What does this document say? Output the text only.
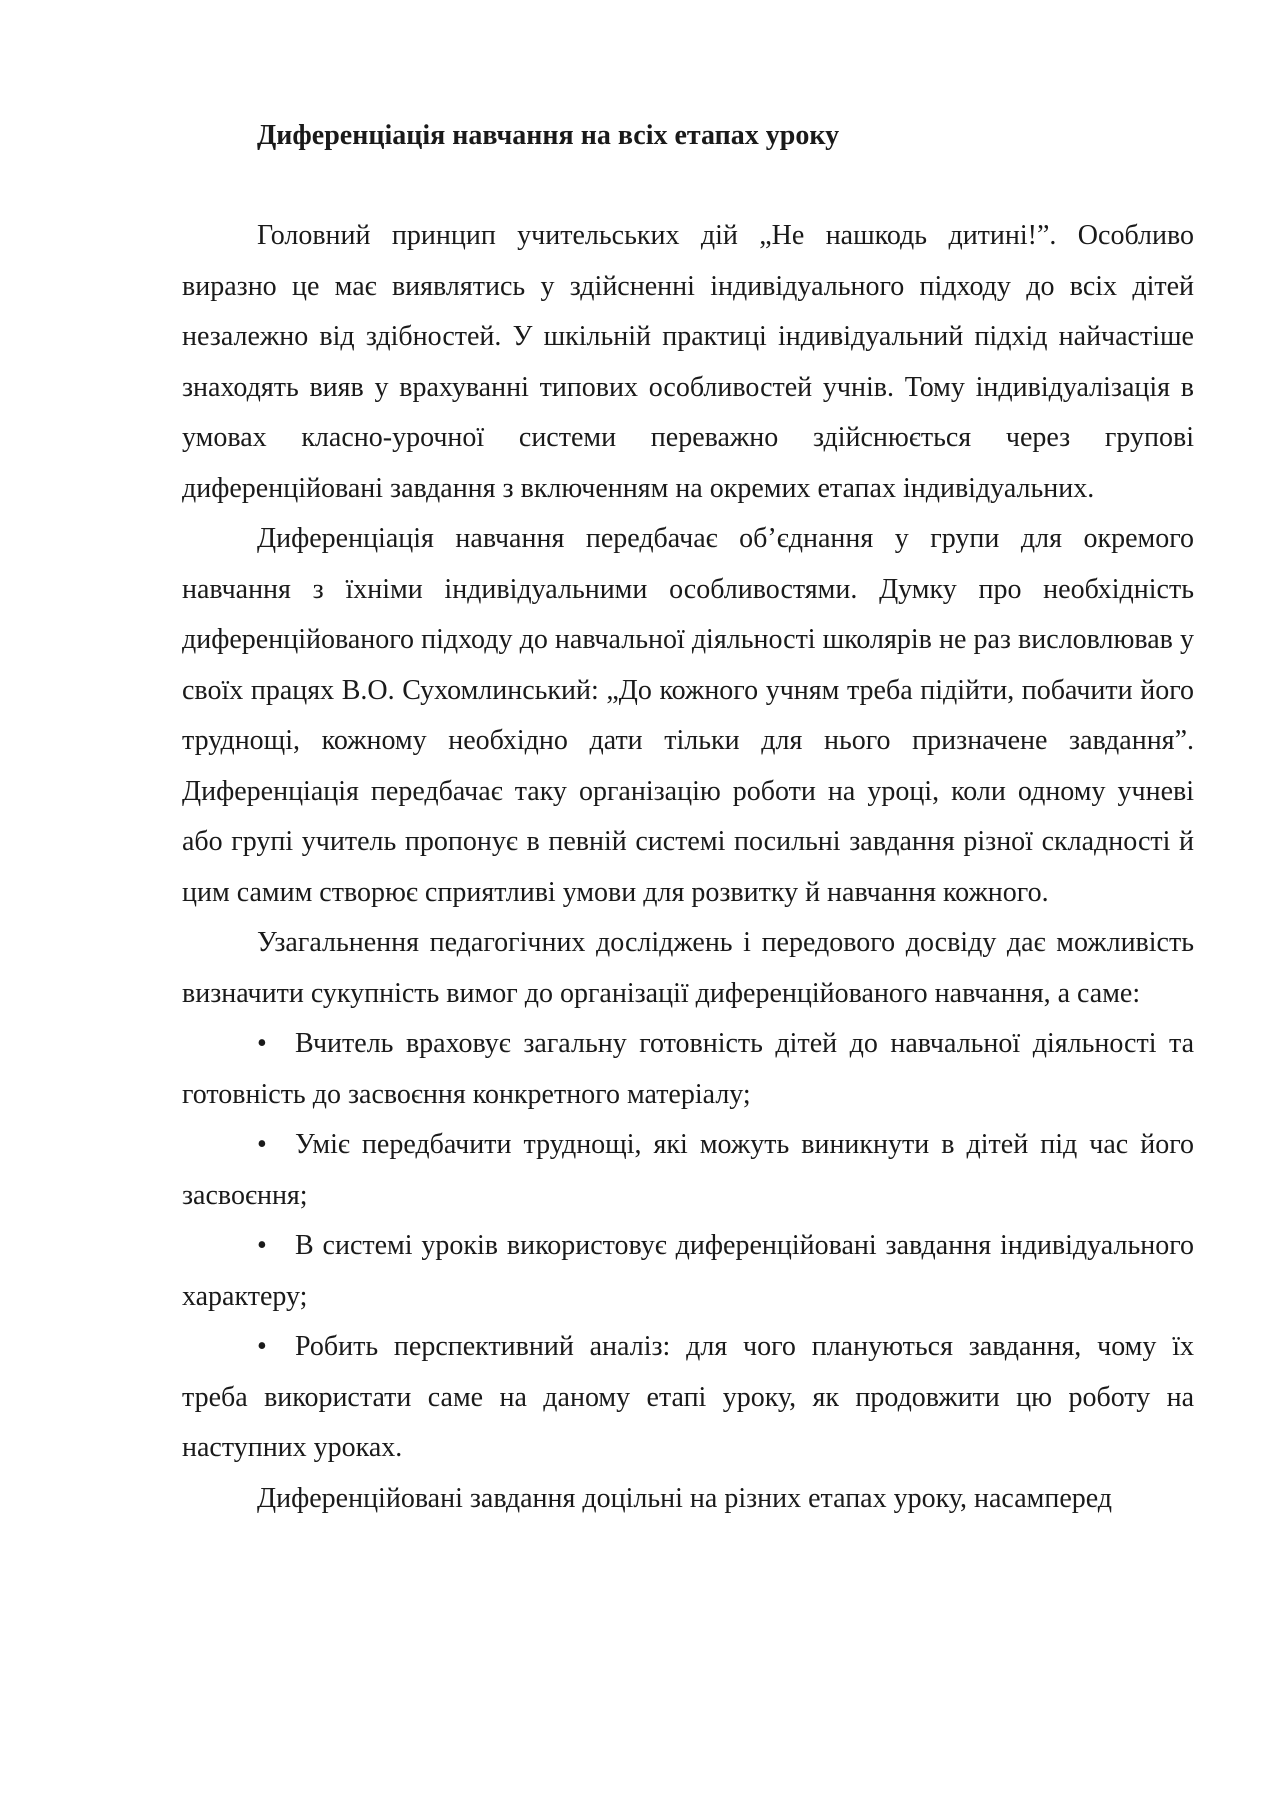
Диференціація навчання на всіх етапах уроку

Головний принцип учительських дій „Не нашкодь дитині!”. Особливо виразно це має виявлятись у здійсненні індивідуального підходу до всіх дітей незалежно від здібностей. У шкільній практиці індивідуальний підхід найчастіше знаходять вияв у врахуванні типових особливостей учнів. Тому індивідуалізація в умовах класно-урочної системи переважно здійснюється через групові диференційовані завдання з включенням на окремих етапах індивідуальних.

Диференціація навчання передбачає об’єднання у групи для окремого навчання з їхніми індивідуальними особливостями. Думку про необхідність диференційованого підходу до навчальної діяльності школярів не раз висловлював у своїх працях В.О. Сухомлинський: „До кожного учням треба підійти, побачити його труднощі, кожному необхідно дати тільки для нього призначене завдання”. Диференціація передбачає таку організацію роботи на уроці, коли одному учневі або групі учитель пропонує в певній системі посильні завдання різної складності й цим самим створює сприятливі умови для розвитку й навчання кожного.

Узагальнення педагогічних досліджень і передового досвіду дає можливість визначити сукупність вимог до організації диференційованого навчання, а саме:

• Вчитель враховує загальну готовність дітей до навчальної діяльності та готовність до засвоєння конкретного матеріалу;

• Уміє передбачити труднощі, які можуть виникнути в дітей під час його засвоєння;

• В системі уроків використовує диференційовані завдання індивідуального характеру;

• Робить перспективний аналіз: для чого плануються завдання, чому їх треба використати саме на даному етапі уроку, як продовжити цю роботу на наступних уроках.

Диференційовані завдання доцільні на різних етапах уроку, насамперед
